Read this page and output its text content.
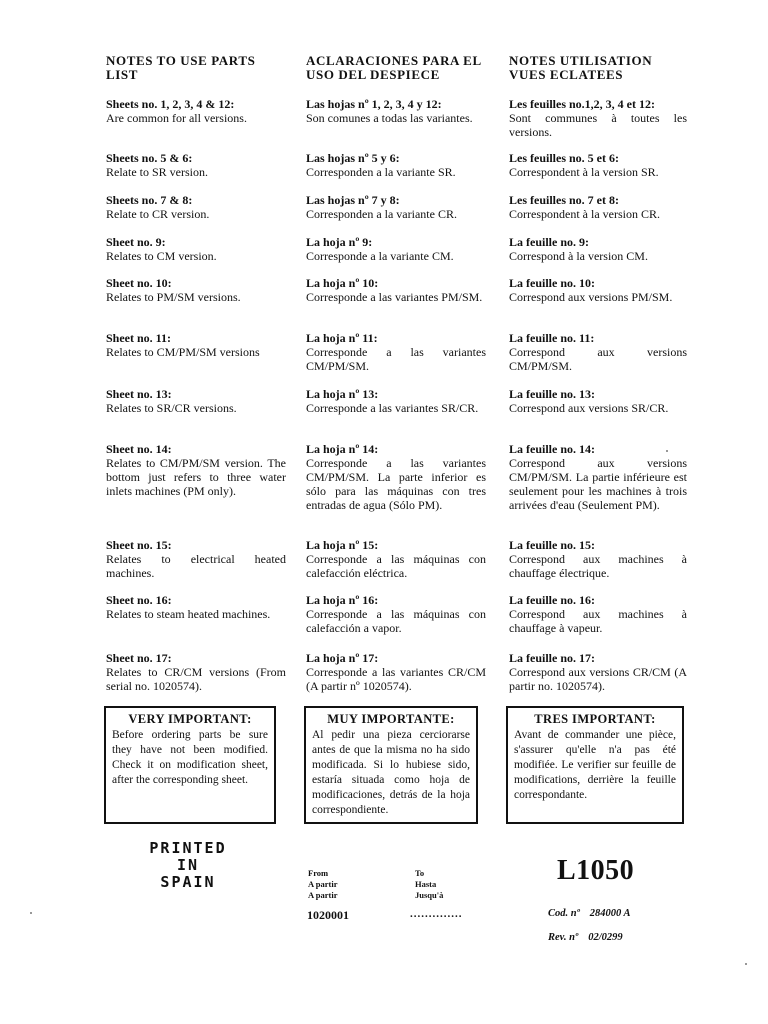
NOTES TO USE PARTS LIST
Sheets no. 1, 2, 3, 4 & 12:
Are common for all versions.
Sheets no. 5 & 6:
Relate to SR version.
Sheets no. 7 & 8:
Relate to CR version.
Sheet no. 9:
Relates to CM version.
Sheet no. 10:
Relates to PM/SM versions.
Sheet no. 11:
Relates to CM/PM/SM versions
Sheet no. 13:
Relates to SR/CR versions.
Sheet no. 14:
Relates to CM/PM/SM version. The bottom just refers to three water inlets machines (PM only).
Sheet no. 15:
Relates to electrical heated machines.
Sheet no. 16:
Relates to steam heated machines.
Sheet no. 17:
Relates to CR/CM versions (From serial no. 1020574).
ACLARACIONES PARA EL USO DEL DESPIECE
Las hojas nº 1, 2, 3, 4 y 12:
Son comunes a todas las variantes.
Las hojas nº 5 y 6:
Corresponden a la variante SR.
Las hojas nº 7 y 8:
Corresponden a la variante CR.
La hoja nº 9:
Corresponde a la variante CM.
La hoja nº 10:
Corresponde a las variantes PM/SM.
La hoja nº 11:
Corresponde a las variantes CM/PM/SM.
La hoja nº 13:
Corresponde a las variantes SR/CR.
La hoja nº 14:
Corresponde a las variantes CM/PM/SM. La parte inferior es sólo para las máquinas con tres entradas de agua (Sólo PM).
La hoja nº 15:
Corresponde a las máquinas con calefacción eléctrica.
La hoja nº 16:
Corresponde a las máquinas con calefacción a vapor.
La hoja nº 17:
Corresponde a las variantes CR/CM (A partir nº 1020574).
NOTES UTILISATION VUES ECLATEES
Les feuilles no.1,2, 3, 4 et 12:
Sont communes à toutes les versions.
Les feuilles no. 5 et 6:
Correspondent à la version SR.
Les feuilles no. 7 et 8:
Correspondent à la version CR.
La feuille no. 9:
Correspond à la version CM.
La feuille no. 10:
Correspond aux versions PM/SM.
La feuille no. 11:
Correspond aux versions CM/PM/SM.
La feuille no. 13:
Correspond aux versions SR/CR.
La feuille no. 14:
Correspond aux versions CM/PM/SM. La partie inférieure est seulement pour les machines à trois arrivées d'eau (Seulement PM).
La feuille no. 15:
Correspond aux machines à chauffage électrique.
La feuille no. 16:
Correspond aux machines à chauffage à vapeur.
La feuille no. 17:
Correspond aux versions CR/CM (A partir no. 1020574).
VERY IMPORTANT:
Before ordering parts be sure they have not been modified. Check it on modification sheet, after the corresponding sheet.
MUY IMPORTANTE:
Al pedir una pieza cerciorarse antes de que la misma no ha sido modificada. Si lo hubiese sido, estaría situada como hoja de modificaciones, detrás de la hoja correspondiente.
TRES IMPORTANT:
Avant de commander une pièce, s'assurer qu'elle n'a pas été modifiée. Le verifier sur feuille de modifications, derrière la feuille correspondante.
PRINTED IN SPAIN	From
A partir
A partir
To
Hasta
Jusqu'à
1020001	..............
L1050
Cod. nº 284000 A
Rev. nº 02/0299
